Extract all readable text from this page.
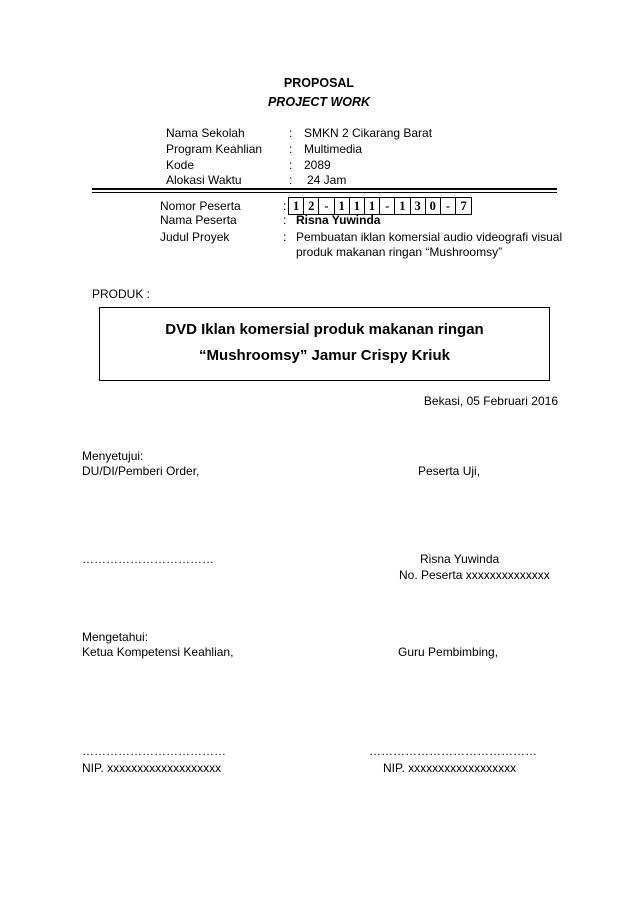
PROPOSAL
PROJECT WORK
Nama Sekolah	: SMKN 2 Cikarang Barat
Program Keahlian : Multimedia
Kode	: 2089
Alokasi Waktu	: 24 Jam
Nomor Peserta	: 1 2 - 1 1 1 - 1 3 0 - 7
Nama Peserta	: Risna Yuwinda
Judul Proyek	: Pembuatan iklan komersial audio videografi visual
produk makanan ringan “Mushroomsy”
PRODUK :
DVD Iklan komersial produk makanan ringan
“Mushroomsy” Jamur Crispy Kriuk
Bekasi, 05 Februari 2016
Menyetujui:
DU/DI/Pemberi Order,	Peserta Uji,
……………………………	Risna Yuwinda
No. Peserta xxxxxxxxxxxxxx
Mengetahui:
Ketua Kompetensi Keahlian,	Guru Pembimbing,
………………………………	……………………………………
NIP. xxxxxxxxxxxxxxxxxxx	NIP. xxxxxxxxxxxxxxxxxx
